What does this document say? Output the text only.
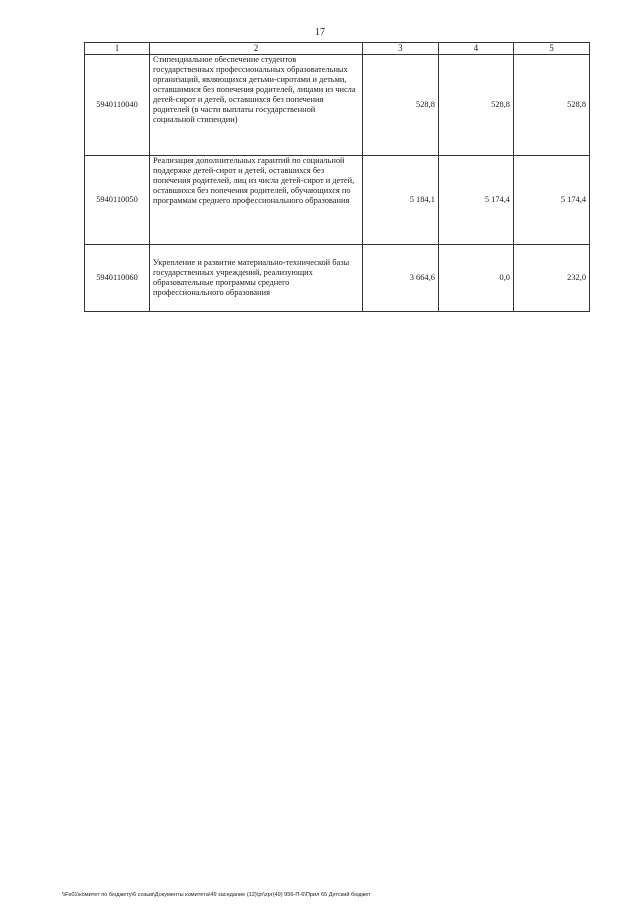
17
1	2	3	4	5
5940110040	Стипендиальное обеспечение студентов государственных профессиональных образовательных организаций, являющихся детьми-сиротами и детьми, оставшимися без попечения родителей, лицами из числа детей-сирот и детей, оставшихся без попечения родителей (в части выплаты государственной социальной стипендии)	528,8	528,8	528,8
5940110050	Реализация дополнительных гарантий по социальной поддержке детей-сирот и детей, оставшихся без попечения родителей, лиц из числа детей-сирот и детей, оставшихся без попечения родителей, обучающихся по программам среднего профессионального образования	5 184,1	5 174,4	5 174,4
5940110060	Укрепление и развитие материально-технической базы государственных учреждений, реализующих образовательные программы среднего профессионального образования	3 664,6	0,0	232,0
\\Fs01\комитет по бюджету\6 созыв\Документы комитета\49 заседание (12)\pr\zpr(49) 956-П-6\Прил 65 Детский бюджет
